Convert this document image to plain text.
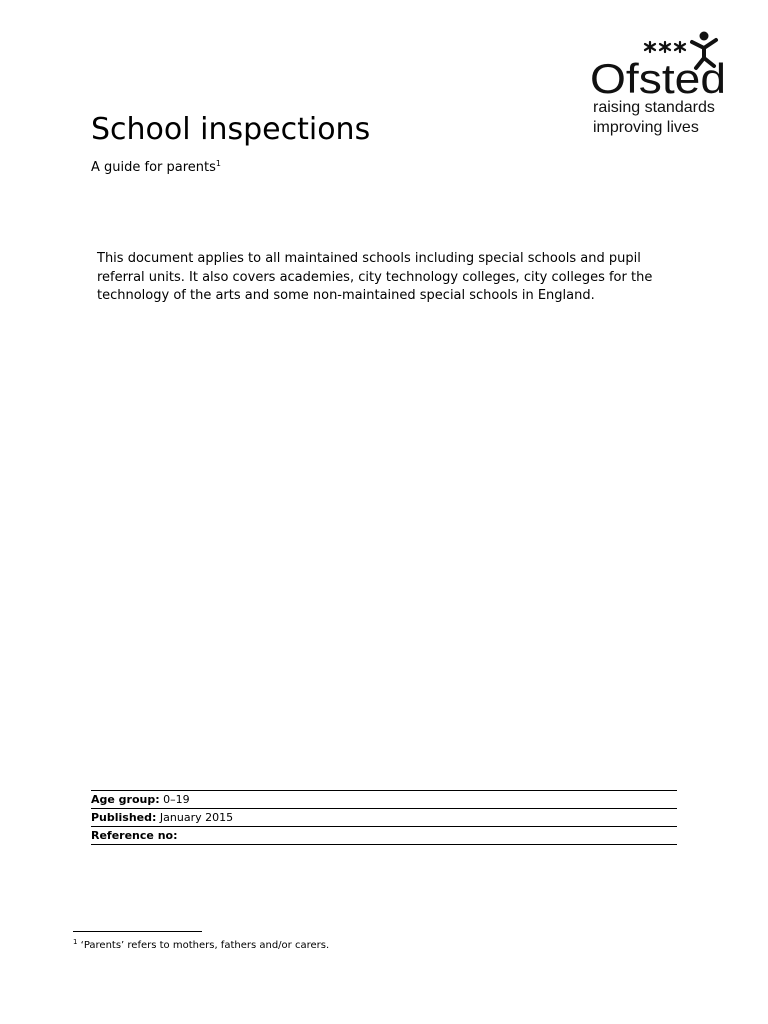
Ofsted
raising standards
improving lives
School inspections
A guide for parents$^1$

This document applies to all maintained schools including special schools and pupil referral units. It also covers academies, city technology colleges, city colleges for the technology of the arts and some non-maintained special schools in England.

Age group: 0–19
Published: January 2015
Reference no:
$^1$ ‘Parents’ refers to mothers, fathers and/or carers.
